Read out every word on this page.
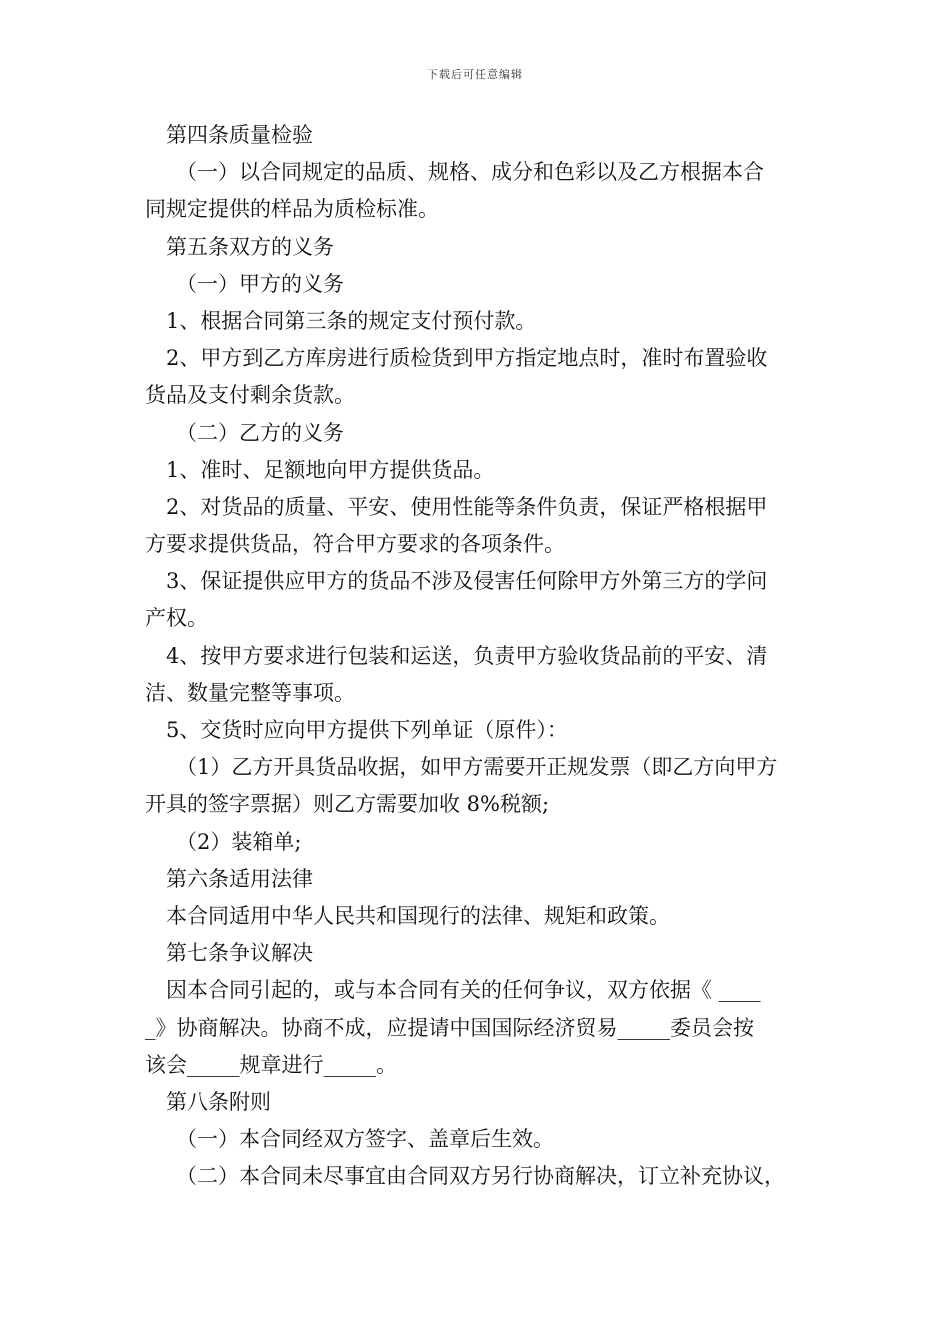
下载后可任意编辑
第四条质量检验
（一）以合同规定的品质、规格、成分和色彩以及乙方根据本合
同规定提供的样品为质检标准。
第五条双方的义务
（一）甲方的义务
1、根据合同第三条的规定支付预付款。
2、甲方到乙方库房进行质检货到甲方指定地点时，准时布置验收
货品及支付剩余货款。
（二）乙方的义务
1、准时、足额地向甲方提供货品。
2、对货品的质量、平安、使用性能等条件负责，保证严格根据甲
方要求提供货品，符合甲方要求的各项条件。
3、保证提供应甲方的货品不涉及侵害任何除甲方外第三方的学问
产权。
4、按甲方要求进行包装和运送，负责甲方验收货品前的平安、清
洁、数量完整等事项。
5、交货时应向甲方提供下列单证（原件）：
（1）乙方开具货品收据，如甲方需要开正规发票（即乙方向甲方
开具的签字票据）则乙方需要加收 8%税额;
（2）装箱单;
第六条适用法律
本合同适用中华人民共和国现行的法律、规矩和政策。
第七条争议解决
因本合同引起的，或与本合同有关的任何争议，双方依据《 ____
_》协商解决。协商不成，应提请中国国际经济贸易_____委员会按
该会_____规章进行_____。
第八条附则
（一）本合同经双方签字、盖章后生效。
（二）本合同未尽事宜由合同双方另行协商解决，订立补充协议，
